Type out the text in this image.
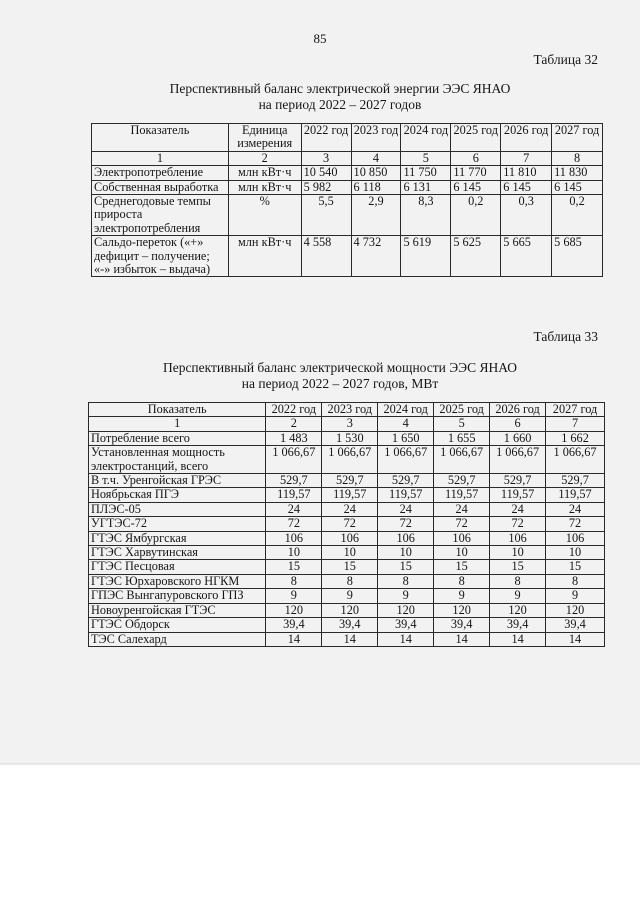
85
Таблица 32
Перспективный баланс электрической энергии ЭЭС ЯНАО
на период 2022 – 2027 годов
Показатель	Единица измерения	2022 год	2023 год	2024 год	2025 год	2026 год	2027 год
1	2	3	4	5	6	7	8
Электропотребление	млн кВт·ч	10 540	10 850	11 750	11 770	11 810	11 830
Собственная выработка	млн кВт·ч	5 982	6 118	6 131	6 145	6 145	6 145
Среднегодовые темпы прироста электропотребления	%	5,5	2,9	8,3	0,2	0,3	0,2
Сальдо-переток («+» дефицит – получение; «-» избыток – выдача)	млн кВт·ч	4 558	4 732	5 619	5 625	5 665	5 685
Таблица 33
Перспективный баланс электрической мощности ЭЭС ЯНАО
на период 2022 – 2027 годов, МВт
Показатель	2022 год	2023 год	2024 год	2025 год	2026 год	2027 год
1	2	3	4	5	6	7
Потребление всего	1 483	1 530	1 650	1 655	1 660	1 662
Установленная мощность электростанций, всего	1 066,67	1 066,67	1 066,67	1 066,67	1 066,67	1 066,67
В т.ч. Уренгойская ГРЭС	529,7	529,7	529,7	529,7	529,7	529,7
Ноябрьская ПГЭ	119,57	119,57	119,57	119,57	119,57	119,57
ПЛЭС-05	24	24	24	24	24	24
УГТЭС-72	72	72	72	72	72	72
ГТЭС Ямбургская	106	106	106	106	106	106
ГТЭС Харвутинская	10	10	10	10	10	10
ГТЭС Песцовая	15	15	15	15	15	15
ГТЭС Юрхаровского НГКМ	8	8	8	8	8	8
ГПЭС Вынгапуровского ГПЗ	9	9	9	9	9	9
Новоуренгойская ГТЭС	120	120	120	120	120	120
ГТЭС Обдорск	39,4	39,4	39,4	39,4	39,4	39,4
ТЭС Салехард	14	14	14	14	14	14
